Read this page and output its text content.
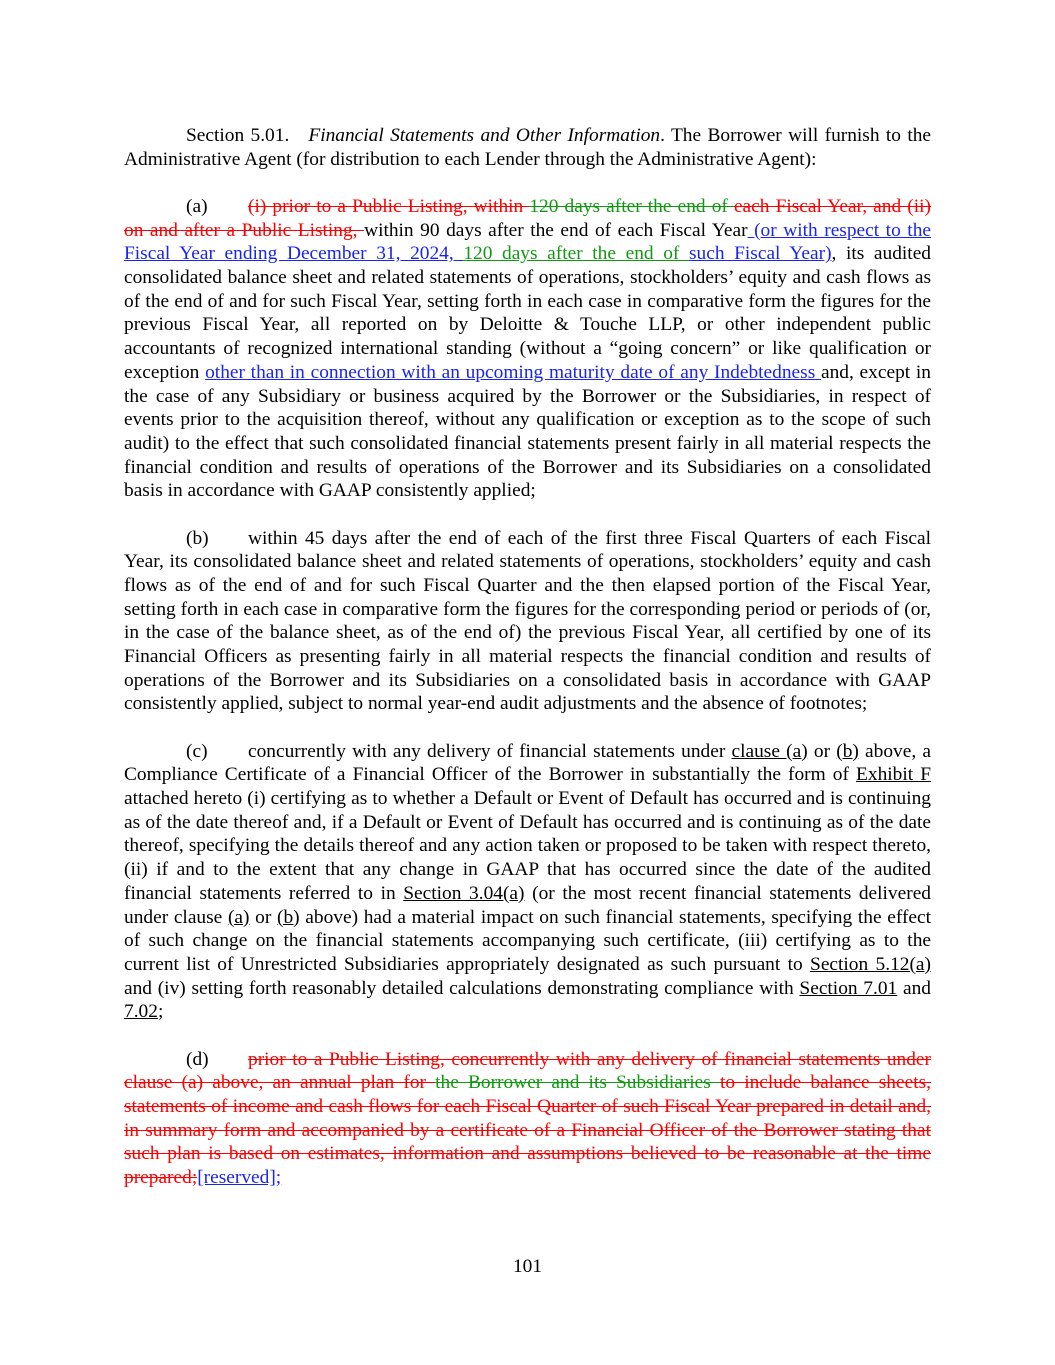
Section 5.01. Financial Statements and Other Information. The Borrower will furnish to the Administrative Agent (for distribution to each Lender through the Administrative Agent):

(a) (i) prior to a Public Listing, within 120 days after the end of each Fiscal Year, and (ii) on and after a Public Listing, within 90 days after the end of each Fiscal Year (or with respect to the Fiscal Year ending December 31, 2024, 120 days after the end of such Fiscal Year), its audited consolidated balance sheet and related statements of operations, stockholders’ equity and cash flows as of the end of and for such Fiscal Year, setting forth in each case in comparative form the figures for the previous Fiscal Year, all reported on by Deloitte & Touche LLP, or other independent public accountants of recognized international standing (without a “going concern” or like qualification or exception other than in connection with an upcoming maturity date of any Indebtedness and, except in the case of any Subsidiary or business acquired by the Borrower or the Subsidiaries, in respect of events prior to the acquisition thereof, without any qualification or exception as to the scope of such audit) to the effect that such consolidated financial statements present fairly in all material respects the financial condition and results of operations of the Borrower and its Subsidiaries on a consolidated basis in accordance with GAAP consistently applied;

(b) within 45 days after the end of each of the first three Fiscal Quarters of each Fiscal Year, its consolidated balance sheet and related statements of operations, stockholders’ equity and cash flows as of the end of and for such Fiscal Quarter and the then elapsed portion of the Fiscal Year, setting forth in each case in comparative form the figures for the corresponding period or periods of (or, in the case of the balance sheet, as of the end of) the previous Fiscal Year, all certified by one of its Financial Officers as presenting fairly in all material respects the financial condition and results of operations of the Borrower and its Subsidiaries on a consolidated basis in accordance with GAAP consistently applied, subject to normal year-end audit adjustments and the absence of footnotes;

(c) concurrently with any delivery of financial statements under clause (a) or (b) above, a Compliance Certificate of a Financial Officer of the Borrower in substantially the form of Exhibit F attached hereto (i) certifying as to whether a Default or Event of Default has occurred and is continuing as of the date thereof and, if a Default or Event of Default has occurred and is continuing as of the date thereof, specifying the details thereof and any action taken or proposed to be taken with respect thereto, (ii) if and to the extent that any change in GAAP that has occurred since the date of the audited financial statements referred to in Section 3.04(a) (or the most recent financial statements delivered under clause (a) or (b) above) had a material impact on such financial statements, specifying the effect of such change on the financial statements accompanying such certificate, (iii) certifying as to the current list of Unrestricted Subsidiaries appropriately designated as such pursuant to Section 5.12(a) and (iv) setting forth reasonably detailed calculations demonstrating compliance with Section 7.01 and 7.02;

(d) prior to a Public Listing, concurrently with any delivery of financial statements under clause (a) above, an annual plan for the Borrower and its Subsidiaries to include balance sheets, statements of income and cash flows for each Fiscal Quarter of such Fiscal Year prepared in detail and, in summary form and accompanied by a certificate of a Financial Officer of the Borrower stating that such plan is based on estimates, information and assumptions believed to be reasonable at the time prepared;[reserved];

101
